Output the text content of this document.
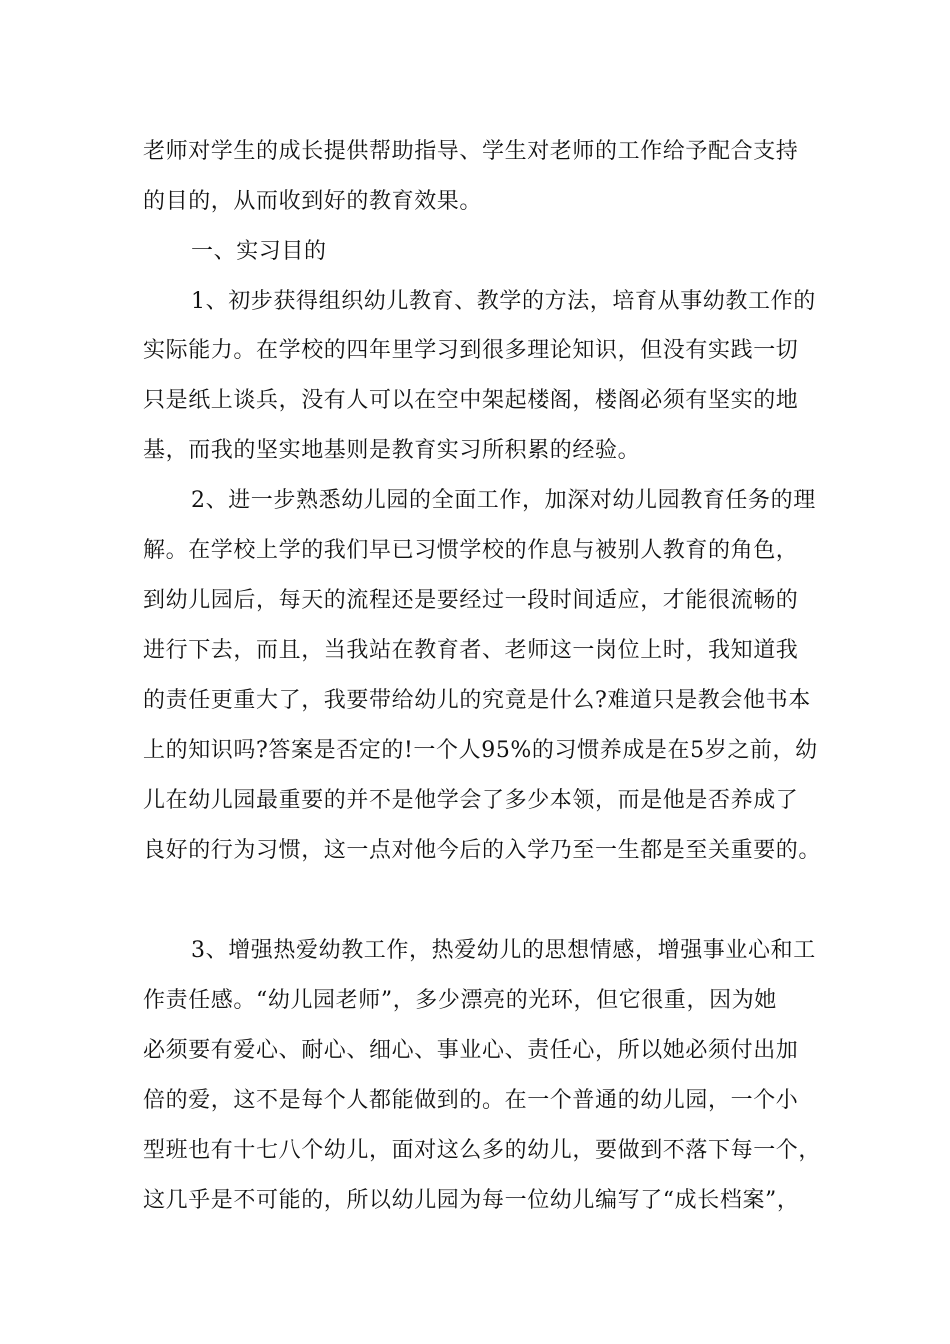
老师对学生的成长提供帮助指导、学生对老师的工作给予配合支持

的目的，从而收到好的教育效果。

一、实习目的

1、初步获得组织幼儿教育、教学的方法，培育从事幼教工作的

实际能力。在学校的四年里学习到很多理论知识，但没有实践一切

只是纸上谈兵，没有人可以在空中架起楼阁，楼阁必须有坚实的地

基，而我的坚实地基则是教育实习所积累的经验。

2、进一步熟悉幼儿园的全面工作，加深对幼儿园教育任务的理

解。在学校上学的我们早已习惯学校的作息与被别人教育的角色，

到幼儿园后，每天的流程还是要经过一段时间适应，才能很流畅的

进行下去，而且，当我站在教育者、老师这一岗位上时，我知道我

的责任更重大了，我要带给幼儿的究竟是什么?难道只是教会他书本

上的知识吗?答案是否定的!一个人95%的习惯养成是在5岁之前，幼

儿在幼儿园最重要的并不是他学会了多少本领，而是他是否养成了

良好的行为习惯，这一点对他今后的入学乃至一生都是至关重要的。

3、增强热爱幼教工作，热爱幼儿的思想情感，增强事业心和工

作责任感。“幼儿园老师”，多少漂亮的光环，但它很重，因为她

必须要有爱心、耐心、细心、事业心、责任心，所以她必须付出加

倍的爱，这不是每个人都能做到的。在一个普通的幼儿园，一个小

型班也有十七八个幼儿，面对这么多的幼儿，要做到不落下每一个，

这几乎是不可能的，所以幼儿园为每一位幼儿编写了“成长档案”，
